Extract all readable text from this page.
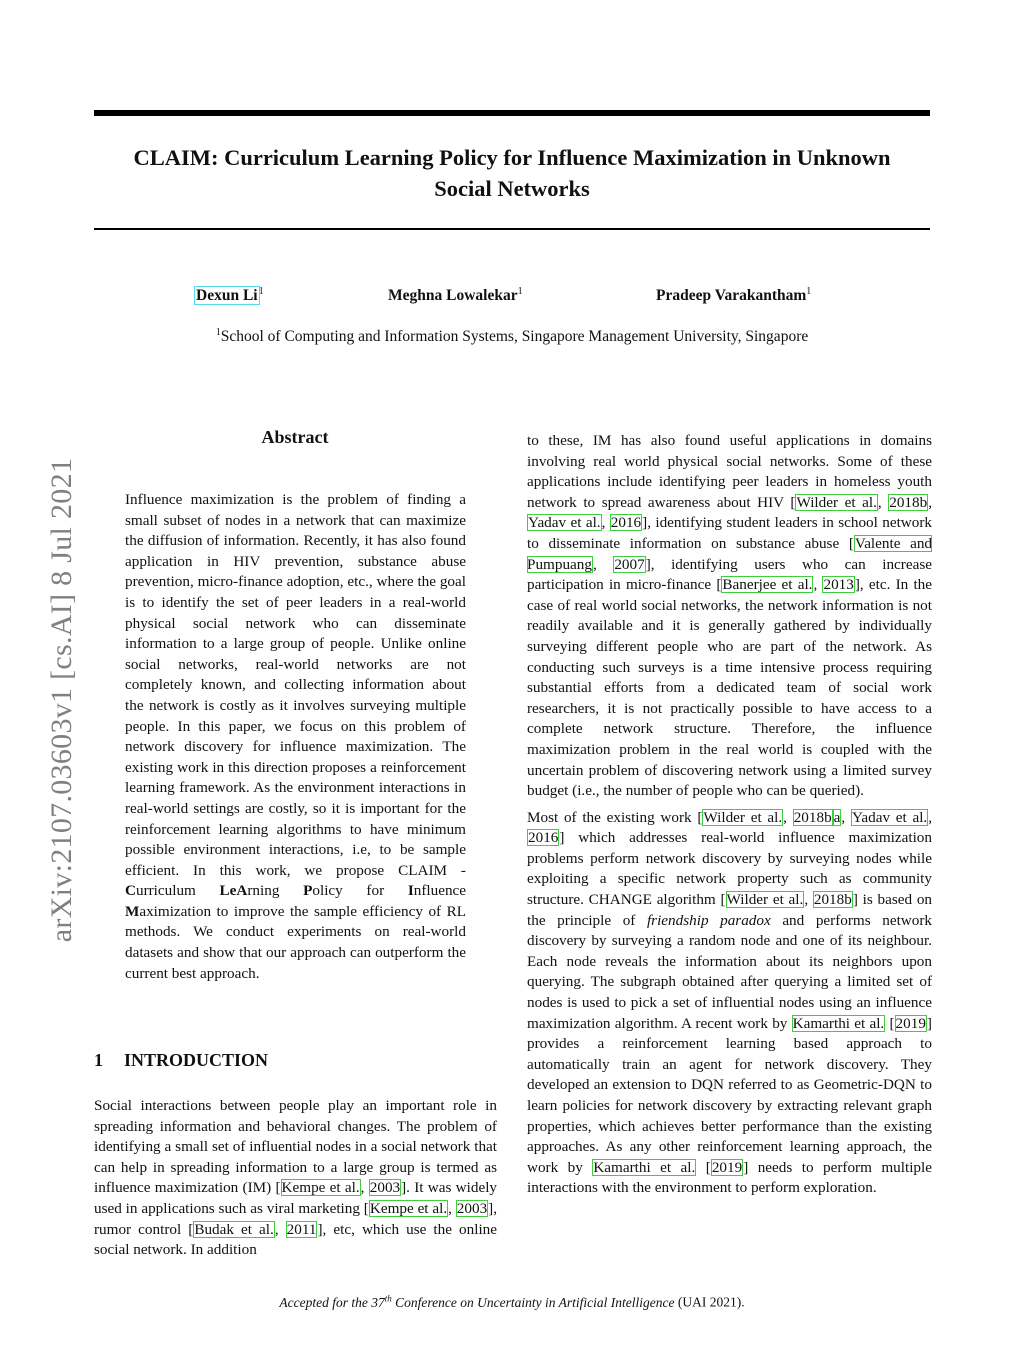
CLAIM: Curriculum Learning Policy for Influence Maximization in Unknown
Social Networks
Dexun Li$^1$	Meghna Lowalekar$^1$	Pradeep Varakantham$^1$
$^1$School of Computing and Information Systems, Singapore Management University, Singapore
arXiv:2107.03603v1 [cs.AI] 8 Jul 2021
Abstract

Influence maximization is the problem of finding a small subset of nodes in a network that can maximize the diffusion of information. Recently, it has also found application in HIV prevention, substance abuse prevention, micro-finance adoption, etc., where the goal is to identify the set of peer leaders in a real-world physical social network who can disseminate information to a large group of people. Unlike online social networks, real-world networks are not completely known, and collecting information about the network is costly as it involves surveying multiple people. In this paper, we focus on this problem of network discovery for influence maximization. The existing work in this direction proposes a reinforcement learning framework. As the environment interactions in real-world settings are costly, so it is important for the reinforcement learning algorithms to have minimum possible environment interactions, i.e, to be sample efficient. In this work, we propose CLAIM - Curriculum LeArning Policy for Influence Maximization to improve the sample efficiency of RL methods. We conduct experiments on real-world datasets and show that our approach can outperform the current best approach.

1 INTRODUCTION

Social interactions between people play an important role in spreading information and behavioral changes. The problem of identifying a small set of influential nodes in a social network that can help in spreading information to a large group is termed as influence maximization (IM) [Kempe et al., 2003]. It was widely used in applications such as viral marketing [Kempe et al., 2003], rumor control [Budak et al., 2011], etc, which use the online social network. In addition

to these, IM has also found useful applications in domains involving real world physical social networks. Some of these applications include identifying peer leaders in homeless youth network to spread awareness about HIV [Wilder et al., 2018b, Yadav et al., 2016], identifying student leaders in school network to disseminate information on substance abuse [Valente and Pumpuang, 2007], identifying users who can increase participation in micro-finance [Banerjee et al., 2013], etc. In the case of real world social networks, the network information is not readily available and it is generally gathered by individually surveying different people who are part of the network. As conducting such surveys is a time intensive process requiring substantial efforts from a dedicated team of social work researchers, it is not practically possible to have access to a complete network structure. Therefore, the influence maximization problem in the real world is coupled with the uncertain problem of discovering network using a limited survey budget (i.e., the number of people who can be queried).

Most of the existing work [Wilder et al., 2018b a, Yadav et al., 2016] which addresses real-world influence maximization problems perform network discovery by surveying nodes while exploiting a specific network property such as community structure. CHANGE algorithm [Wilder et al., 2018b] is based on the principle of friendship paradox and performs network discovery by surveying a random node and one of its neighbour. Each node reveals the information about its neighbors upon querying. The subgraph obtained after querying a limited set of nodes is used to pick a set of influential nodes using an influence maximization algorithm. A recent work by Kamarthi et al. [2019] provides a reinforcement learning based approach to automatically train an agent for network discovery. They developed an extension to DQN referred to as Geometric-DQN to learn policies for network discovery by extracting relevant graph properties, which achieves better performance than the existing approaches. As any other reinforcement learning approach, the work by Kamarthi et al. [2019] needs to perform multiple interactions with the environment to perform exploration.

Accepted for the 37th Conference on Uncertainty in Artificial Intelligence (UAI 2021).
